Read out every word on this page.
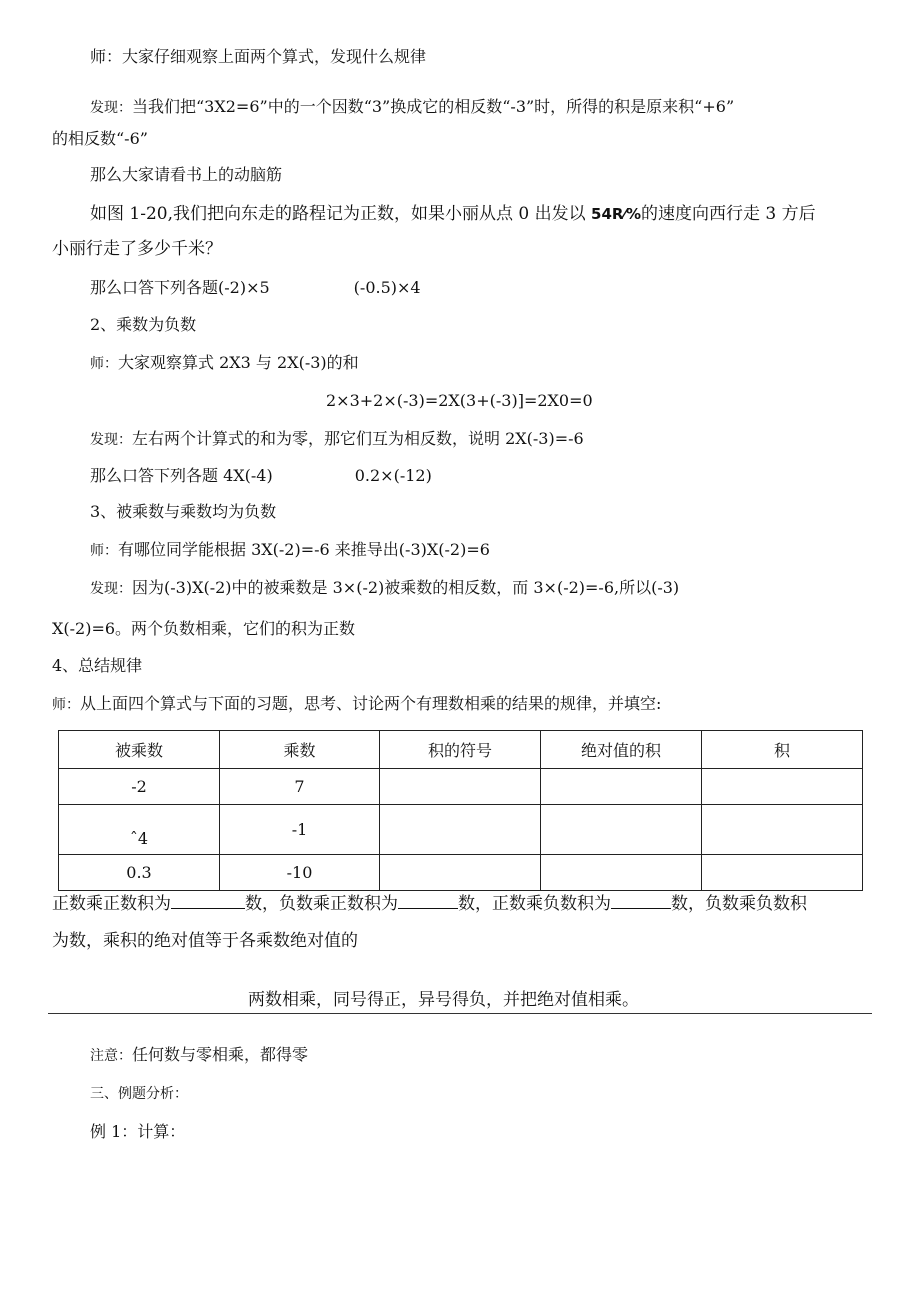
师：大家仔细观察上面两个算式，发现什么规律
发现：当我们把“3X2=6”中的一个因数“3”换成它的相反数“-3”时，所得的积是原来积“+6”
的相反数“-6”
那么大家请看书上的动脑筋
如图 1-20,我们把向东走的路程记为正数，如果小丽从点 0 出发以 54R⁄%的速度向西行走 3 方后
小丽行走了多少千米？
那么口答下列各题(-2)×5	(-0.5)×4
2、乘数为负数
师：大家观察算式 2X3 与 2X(-3)的和
2×3+2×(-3)=2X(3+(-3)]=2X0=0
发现：左右两个计算式的和为零，那它们互为相反数，说明 2X(-3)=-6
那么口答下列各题 4X(-4)	0.2×(-12)
3、被乘数与乘数均为负数
师：有哪位同学能根据 3X(-2)=-6 来推导出(-3)X(-2)=6
发现：因为(-3)X(-2)中的被乘数是 3×(-2)被乘数的相反数，而 3×(-2)=-6,所以(-3)
X(-2)=6。两个负数相乘，它们的积为正数
4、总结规律
师：从上面四个算式与下面的习题，思考、讨论两个有理数相乘的结果的规律，并填空:
被乘数	乘数	积的符号	绝对值的积	积
-2	7			
ˆ4	-1			
0.3	-10			
正数乘正数积为	数，负数乘正数积为	数，正数乘负数积为	数，负数乘负数积
为数，乘积的绝对值等于各乘数绝对值的
两数相乘，同号得正，异号得负，并把绝对值相乘。
注意：任何数与零相乘，都得零
三、例题分析：
例 1：计算：
